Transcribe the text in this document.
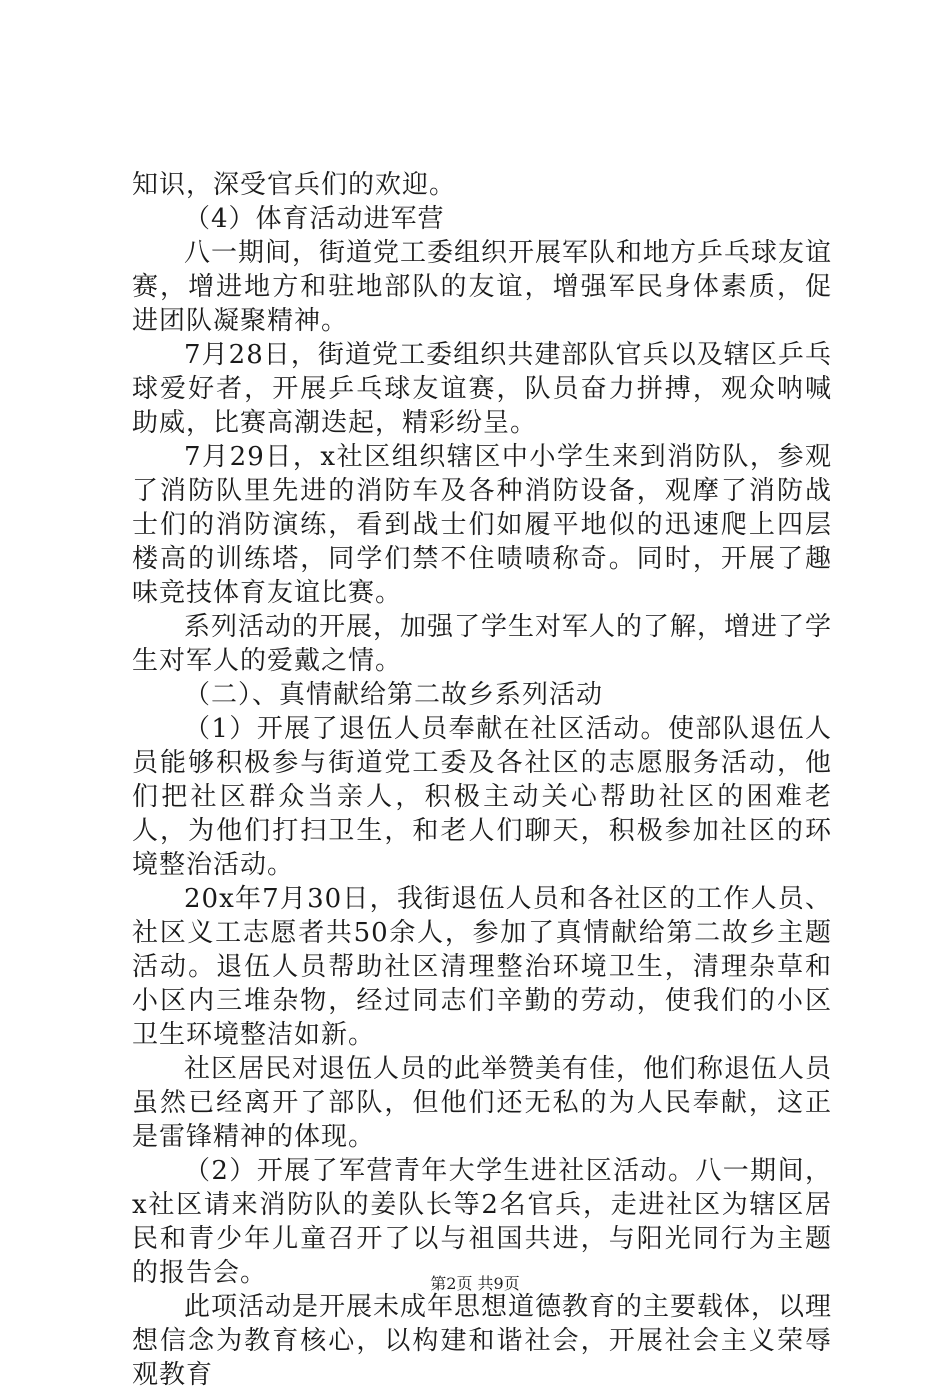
知识，深受官兵们的欢迎。

（4）体育活动进军营

八一期间，街道党工委组织开展军队和地方乒乓球友谊赛，增进地方和驻地部队的友谊，增强军民身体素质，促进团队凝聚精神。

7月28日，街道党工委组织共建部队官兵以及辖区乒乓球爱好者，开展乒乓球友谊赛，队员奋力拼搏，观众呐喊助威，比赛高潮迭起，精彩纷呈。

7月29日，x社区组织辖区中小学生来到消防队，参观了消防队里先进的消防车及各种消防设备，观摩了消防战士们的消防演练，看到战士们如履平地似的迅速爬上四层楼高的训练塔，同学们禁不住啧啧称奇。同时，开展了趣味竞技体育友谊比赛。

系列活动的开展，加强了学生对军人的了解，增进了学生对军人的爱戴之情。

（二）、真情献给第二故乡系列活动

（1）开展了退伍人员奉献在社区活动。使部队退伍人员能够积极参与街道党工委及各社区的志愿服务活动，他们把社区群众当亲人，积极主动关心帮助社区的困难老人，为他们打扫卫生，和老人们聊天，积极参加社区的环境整治活动。

20x年7月30日，我街退伍人员和各社区的工作人员、社区义工志愿者共50余人，参加了真情献给第二故乡主题活动。退伍人员帮助社区清理整治环境卫生，清理杂草和小区内三堆杂物，经过同志们辛勤的劳动，使我们的小区卫生环境整洁如新。

社区居民对退伍人员的此举赞美有佳，他们称退伍人员虽然已经离开了部队，但他们还无私的为人民奉献，这正是雷锋精神的体现。

（2）开展了军营青年大学生进社区活动。八一期间，x社区请来消防队的姜队长等2名官兵，走进社区为辖区居民和青少年儿童召开了以与祖国共进，与阳光同行为主题的报告会。

此项活动是开展未成年思想道德教育的主要载体，以理想信念为教育核心，以构建和谐社会，开展社会主义荣辱观教育

第2页 共9页
